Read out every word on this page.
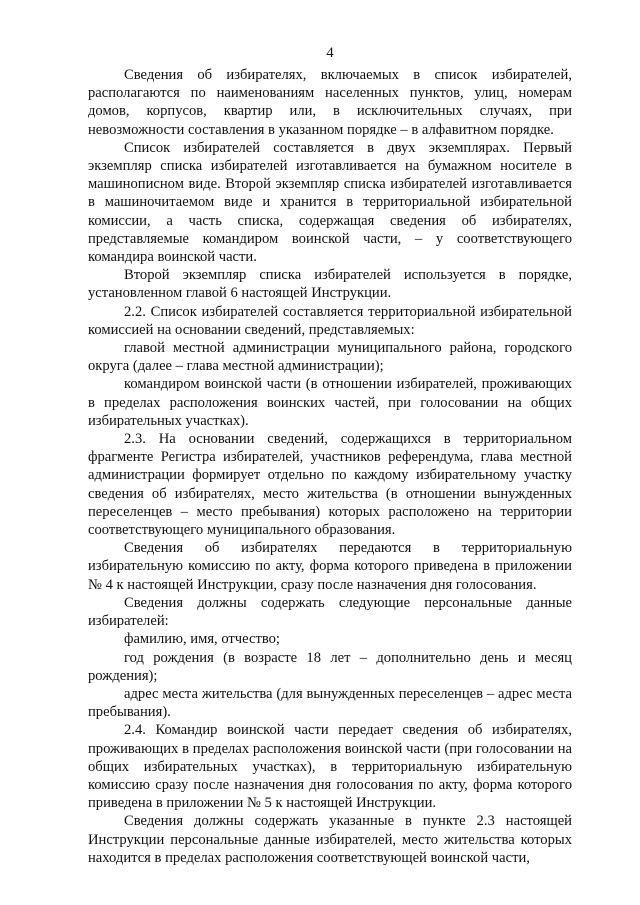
4

Сведения об избирателях, включаемых в список избирателей, располагаются по наименованиям населенных пунктов, улиц, номерам домов, корпусов, квартир или, в исключительных случаях, при невозможности составления в указанном порядке – в алфавитном порядке.

Список избирателей составляется в двух экземплярах. Первый экземпляр списка избирателей изготавливается на бумажном носителе в машинописном виде. Второй экземпляр списка избирателей изготавливается в машиночитаемом виде и хранится в территориальной избирательной комиссии, а часть списка, содержащая сведения об избирателях, представляемые командиром воинской части, – у соответствующего командира воинской части.

Второй экземпляр списка избирателей используется в порядке, установленном главой 6 настоящей Инструкции.

2.2. Список избирателей составляется территориальной избирательной комиссией на основании сведений, представляемых:

главой местной администрации муниципального района, городского округа (далее – глава местной администрации);

командиром воинской части (в отношении избирателей, проживающих в пределах расположения воинских частей, при голосовании на общих избирательных участках).

2.3. На основании сведений, содержащихся в территориальном фрагменте Регистра избирателей, участников референдума, глава местной администрации формирует отдельно по каждому избирательному участку сведения об избирателях, место жительства (в отношении вынужденных переселенцев – место пребывания) которых расположено на территории соответствующего муниципального образования.

Сведения об избирателях передаются в территориальную избирательную комиссию по акту, форма которого приведена в приложении № 4 к настоящей Инструкции, сразу после назначения дня голосования.

Сведения должны содержать следующие персональные данные избирателей:

фамилию, имя, отчество;

год рождения (в возрасте 18 лет – дополнительно день и месяц рождения);

адрес места жительства (для вынужденных переселенцев – адрес места пребывания).

2.4. Командир воинской части передает сведения об избирателях, проживающих в пределах расположения воинской части (при голосовании на общих избирательных участках), в территориальную избирательную комиссию сразу после назначения дня голосования по акту, форма которого приведена в приложении № 5 к настоящей Инструкции.

Сведения должны содержать указанные в пункте 2.3 настоящей Инструкции персональные данные избирателей, место жительства которых находится в пределах расположения соответствующей воинской части,
